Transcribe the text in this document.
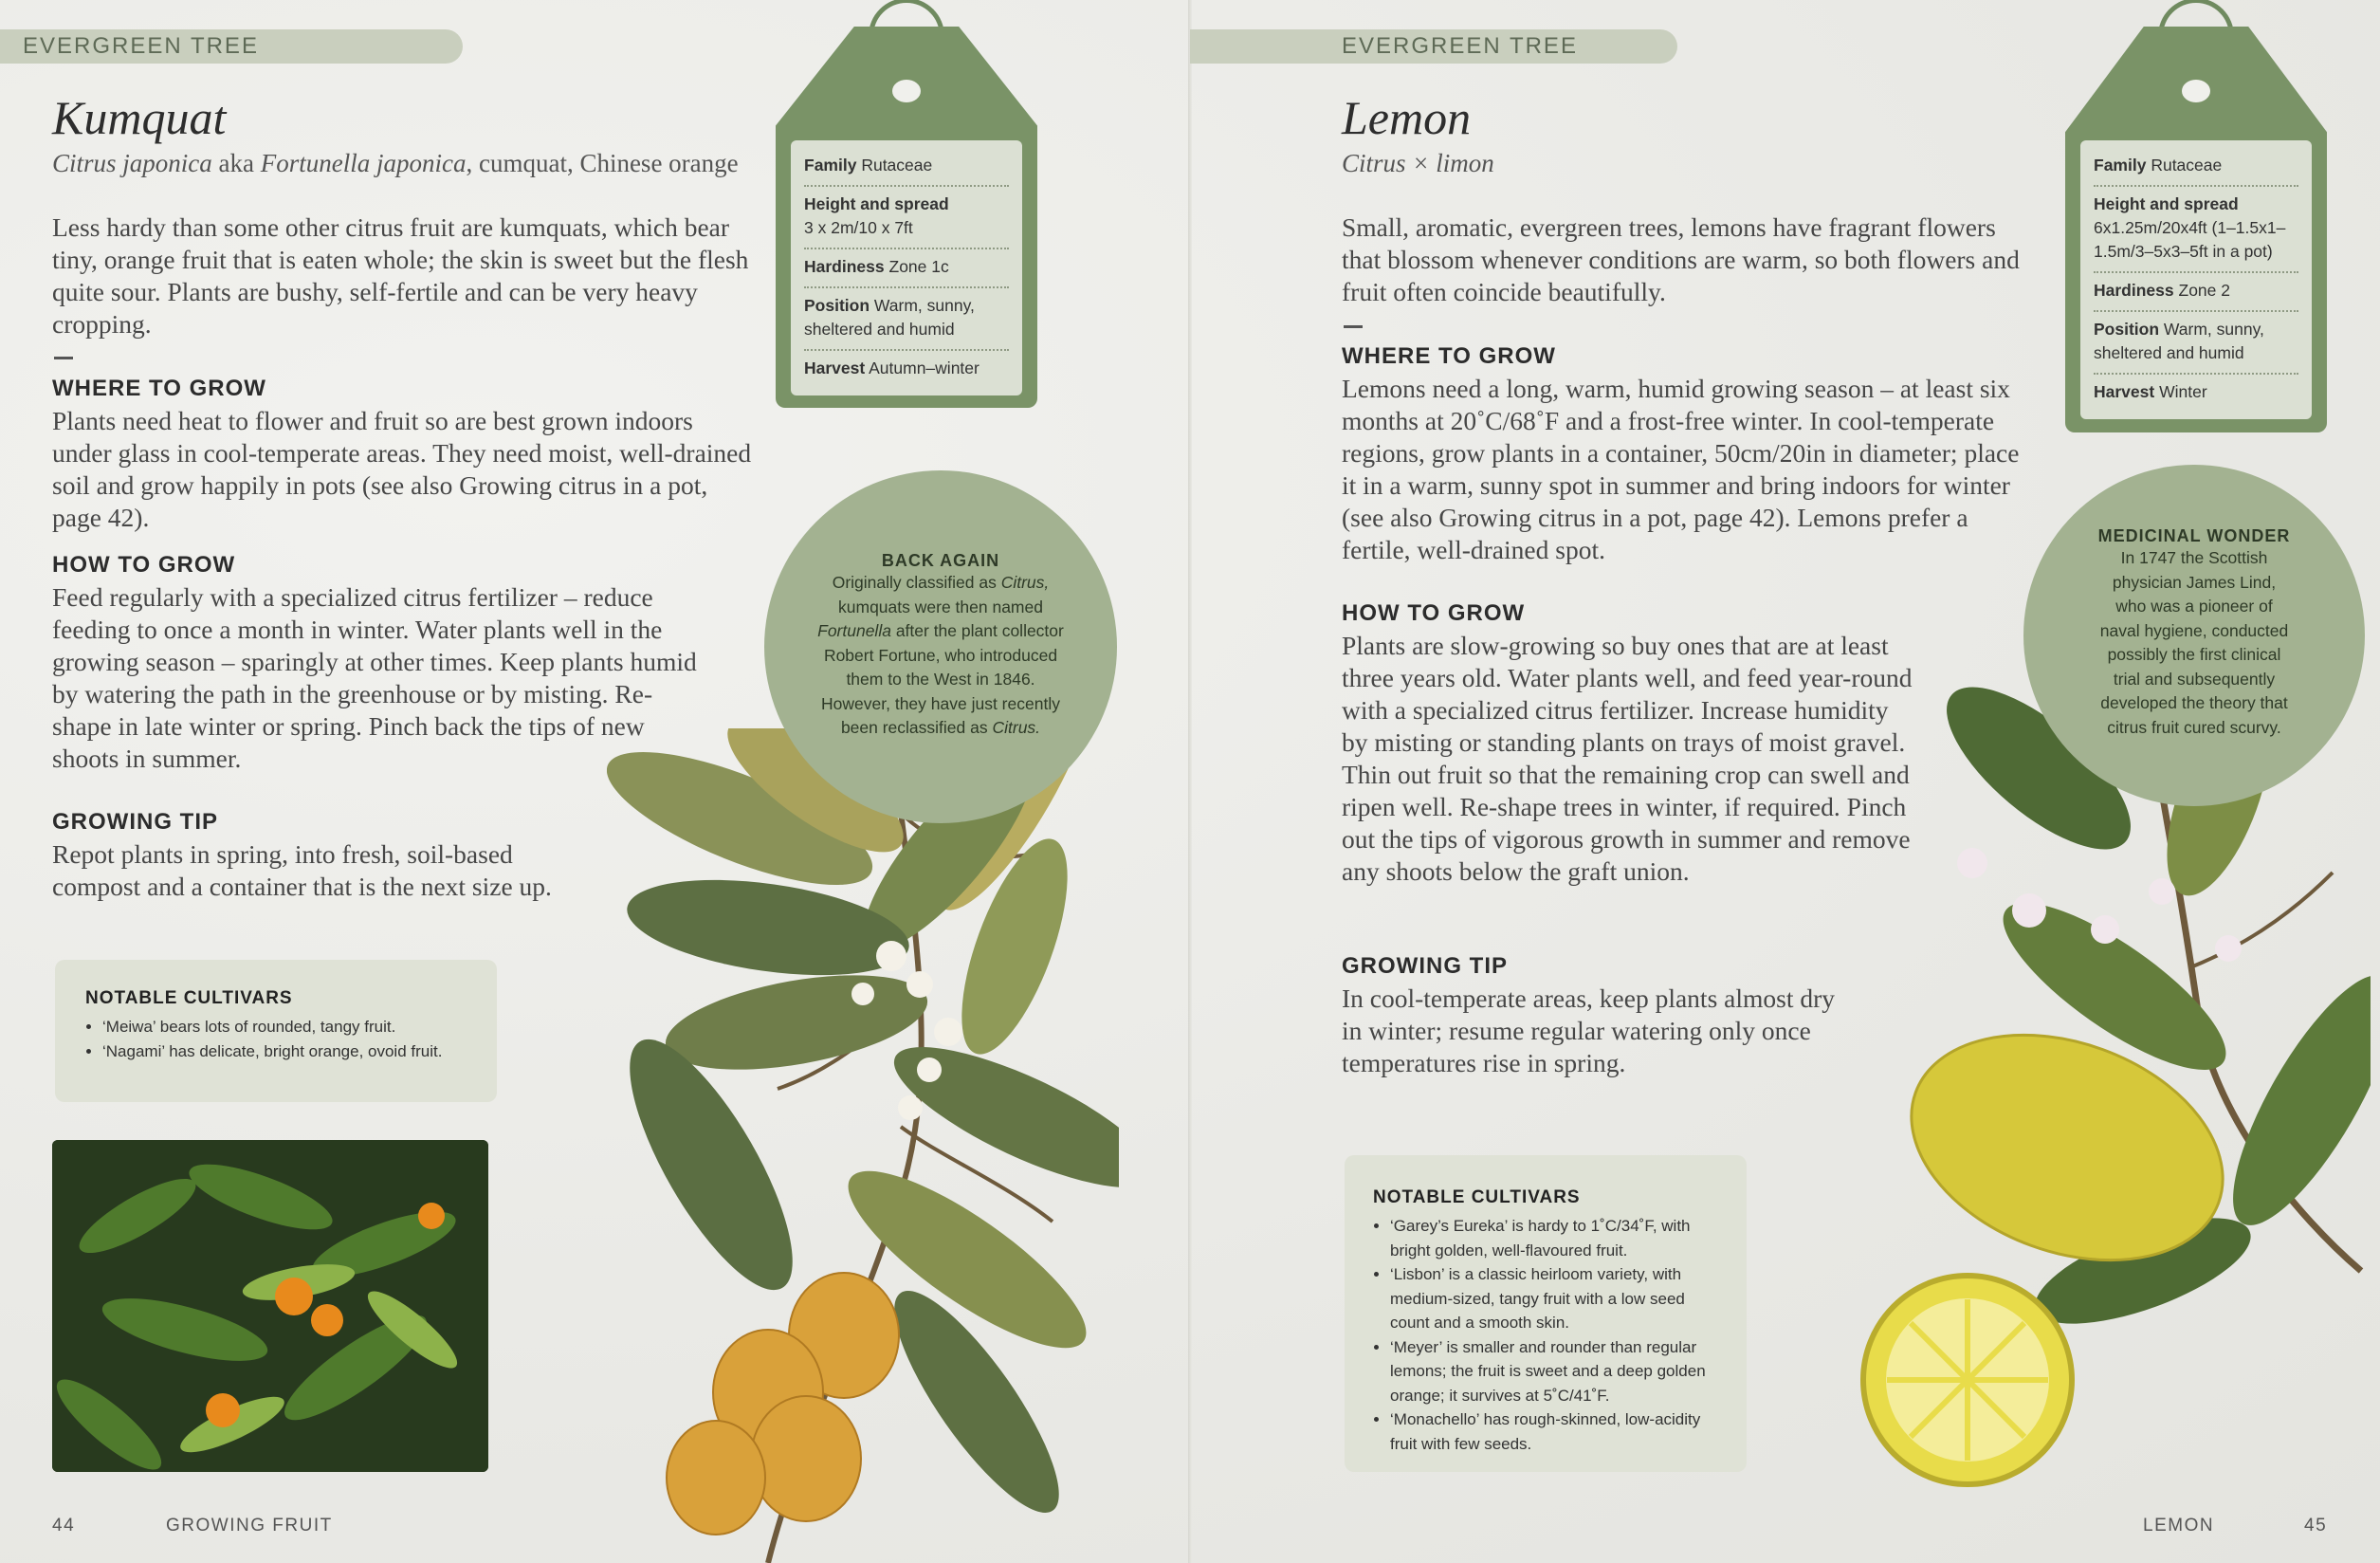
EVERGREEN TREE
Kumquat
Citrus japonica aka Fortunella japonica, cumquat, Chinese orange
Less hardy than some other citrus fruit are kumquats, which bear tiny, orange fruit that is eaten whole; the skin is sweet but the flesh quite sour. Plants are bushy, self-fertile and can be very heavy cropping.
WHERE TO GROW
Plants need heat to flower and fruit so are best grown indoors under glass in cool-temperate areas. They need moist, well-drained soil and grow happily in pots (see also Growing citrus in a pot, page 42).
HOW TO GROW
Feed regularly with a specialized citrus fertilizer – reduce feeding to once a month in winter. Water plants well in the growing season – sparingly at other times. Keep plants humid by watering the path in the greenhouse or by misting. Re-shape in late winter or spring. Pinch back the tips of new shoots in summer.
GROWING TIP
Repot plants in spring, into fresh, soil-based compost and a container that is the next size up.
Family Rutaceae
Height and spread
3 x 2m/10 x 7ft
Hardiness Zone 1c
Position Warm, sunny, sheltered and humid
Harvest Autumn–winter
BACK AGAIN
Originally classified as Citrus,
kumquats were then named
Fortunella after the plant collector
Robert Fortune, who introduced
them to the West in 1846.
However, they have just recently
been reclassified as Citrus.
NOTABLE CULTIVARS
• ‘Meiwa’ bears lots of rounded, tangy fruit.
• ‘Nagami’ has delicate, bright orange, ovoid fruit.
44	GROWING FRUIT
EVERGREEN TREE
Lemon
Citrus × limon
Small, aromatic, evergreen trees, lemons have fragrant flowers that blossom whenever conditions are warm, so both flowers and fruit often coincide beautifully.
WHERE TO GROW
Lemons need a long, warm, humid growing season – at least six months at 20˚C/68˚F and a frost-free winter. In cool-temperate regions, grow plants in a container, 50cm/20in in diameter; place it in a warm, sunny spot in summer and bring indoors for winter (see also Growing citrus in a pot, page 42). Lemons prefer a fertile, well-drained spot.
HOW TO GROW
Plants are slow-growing so buy ones that are at least three years old. Water plants well, and feed year-round with a specialized citrus fertilizer. Increase humidity by misting or standing plants on trays of moist gravel. Thin out fruit so that the remaining crop can swell and ripen well. Re-shape trees in winter, if required. Pinch out the tips of vigorous growth in summer and remove any shoots below the graft union.
GROWING TIP
In cool-temperate areas, keep plants almost dry in winter; resume regular watering only once temperatures rise in spring.
Family Rutaceae
Height and spread
6x1.25m/20x4ft (1–1.5x1–1.5m/3–5x3–5ft in a pot)
Hardiness Zone 2
Position Warm, sunny, sheltered and humid
Harvest Winter
MEDICINAL WONDER
In 1747 the Scottish
physician James Lind,
who was a pioneer of
naval hygiene, conducted
possibly the first clinical
trial and subsequently
developed the theory that
citrus fruit cured scurvy.
NOTABLE CULTIVARS
• ‘Garey’s Eureka’ is hardy to 1˚C/34˚F, with bright golden, well-flavoured fruit.
• ‘Lisbon’ is a classic heirloom variety, with medium-sized, tangy fruit with a low seed count and a smooth skin.
• ‘Meyer’ is smaller and rounder than regular lemons; the fruit is sweet and a deep golden orange; it survives at 5˚C/41˚F.
• ‘Monachello’ has rough-skinned, low-acidity fruit with few seeds.
LEMON	45
